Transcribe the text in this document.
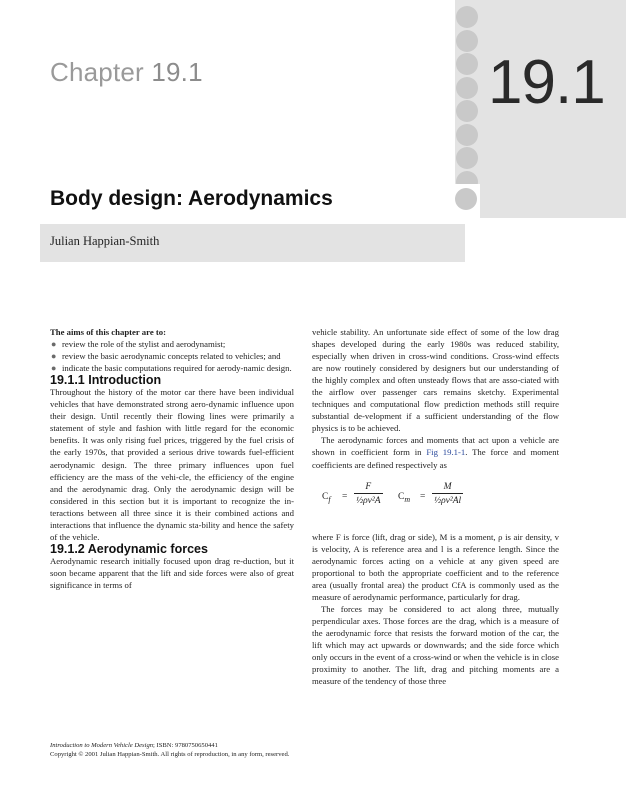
19.1
Chapter 19.1
Body design: Aerodynamics
Julian Happian-Smith

The aims of this chapter are to:

● review the role of the stylist and aerodynamist;
● review the basic aerodynamic concepts related to vehicles; and
● indicate the basic computations required for aerody-namic design.

19.1.1 Introduction

Throughout the history of the motor car there have been individual vehicles that have demonstrated strong aero-dynamic influence upon their design. Until recently their flowing lines were primarily a statement of style and fashion with little regard for the economic benefits. It was only rising fuel prices, triggered by the fuel crisis of the early 1970s, that provided a serious drive towards fuel-efficient aerodynamic design. The three primary influences upon fuel efficiency are the mass of the vehi-cle, the efficiency of the engine and the aerodynamic drag. Only the aerodynamic design will be considered in this section but it is important to recognize the in-teractions between all three since it is their combined actions and interactions that influence the dynamic sta-bility and hence the safety of the vehicle.

19.1.2 Aerodynamic forces

Aerodynamic research initially focused upon drag re-duction, but it soon became apparent that the lift and side forces were also of great significance in terms of

vehicle stability. An unfortunate side effect of some of the low drag shapes developed during the early 1980s was reduced stability, especially when driven in cross-wind conditions. Cross-wind effects are now routinely considered by designers but our understanding of the highly complex and often unsteady flows that are asso-ciated with the airflow over passenger cars remains sketchy. Experimental techniques and computational flow prediction methods still require substantial de-velopment if a sufficient understanding of the flow physics is to be achieved.

The aerodynamic forces and moments that act upon a vehicle are shown in coefficient form in Fig 19.1-1. The force and moment coefficients are defined respectively as

$C_f = \frac{F}{\text{½ρv²A}} C_m = \frac{M}{\text{½ρv²Al}}$

where F is force (lift, drag or side), M is a moment, ρ is air density, v is velocity, A is reference area and l is a reference length. Since the aerodynamic forces acting on a vehicle at any given speed are proportional to both the appropriate coefficient and to the reference area (usually frontal area) the product CfA is commonly used as the measure of aerodynamic performance, particularly for drag.

The forces may be considered to act along three, mutually perpendicular axes. Those forces are the drag, which is a measure of the aerodynamic force that resists the forward motion of the car, the lift which may act upwards or downwards; and the side force which only occurs in the event of a cross-wind or when the vehicle is in close proximity to another. The lift, drag and pitching moments are a measure of the tendency of those three

Introduction to Modern Vehicle Design; ISBN: 9780750650441
Copyright © 2001 Julian Happian-Smith. All rights of reproduction, in any form, reserved.
